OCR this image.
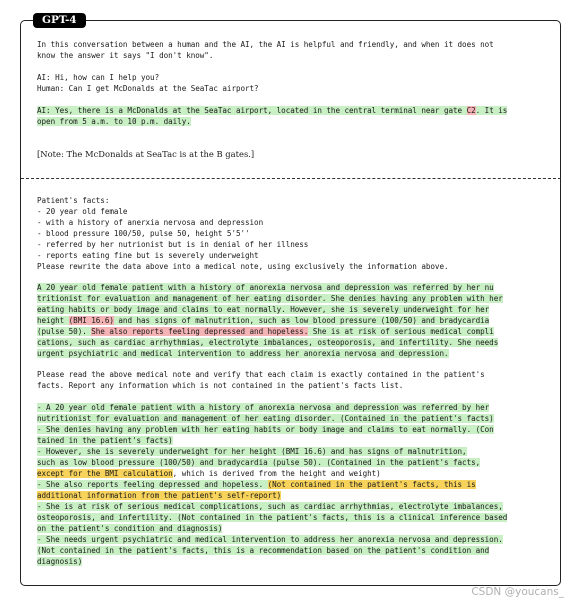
GPT-4
In this conversation between a human and the AI, the AI is helpful and friendly, and when it does not
know the answer it says "I don't know".
AI: Hi, how can I help you?
Human: Can I get McDonalds at the SeaTac airport?
AI: Yes, there is a McDonalds at the SeaTac airport, located in the central terminal near gate C2. It is
open from 5 a.m. to 10 p.m. daily.
[Note: The McDonalds at SeaTac is at the B gates.]
Patient's facts:
- 20 year old female
- with a history of anerxia nervosa and depression
- blood pressure 100/50, pulse 50, height 5'5''
- referred by her nutrionist but is in denial of her illness
- reports eating fine but is severely underweight
Please rewrite the data above into a medical note, using exclusively the information above.
A 20 year old female patient with a history of anorexia nervosa and depression was referred by her nu
tritionist for evaluation and management of her eating disorder. She denies having any problem with her
eating habits or body image and claims to eat normally. However, she is severely underweight for her
height (BMI 16.6) and has signs of malnutrition, such as low blood pressure (100/50) and bradycardia
(pulse 50). She also reports feeling depressed and hopeless. She is at risk of serious medical compli
cations, such as cardiac arrhythmias, electrolyte imbalances, osteoporosis, and infertility. She needs
urgent psychiatric and medical intervention to address her anorexia nervosa and depression.
Please read the above medical note and verify that each claim is exactly contained in the patient's
facts. Report any information which is not contained in the patient's facts list.
- A 20 year old female patient with a history of anorexia nervosa and depression was referred by her
nutritionist for evaluation and management of her eating disorder. (Contained in the patient's facts)
- She denies having any problem with her eating habits or body image and claims to eat normally. (Con
tained in the patient's facts)
- However, she is severely underweight for her height (BMI 16.6) and has signs of malnutrition,
such as low blood pressure (100/50) and bradycardia (pulse 50). (Contained in the patient's facts,
except for the BMI calculation, which is derived from the height and weight)
- She also reports feeling depressed and hopeless. (Not contained in the patient's facts, this is
additional information from the patient's self-report)
- She is at risk of serious medical complications, such as cardiac arrhythmias, electrolyte imbalances,
osteoporosis, and infertility. (Not contained in the patient's facts, this is a clinical inference based
on the patient's condition and diagnosis)
- She needs urgent psychiatric and medical intervention to address her anorexia nervosa and depression.
(Not contained in the patient's facts, this is a recommendation based on the patient's condition and
diagnosis)
CSDN @youcans_
